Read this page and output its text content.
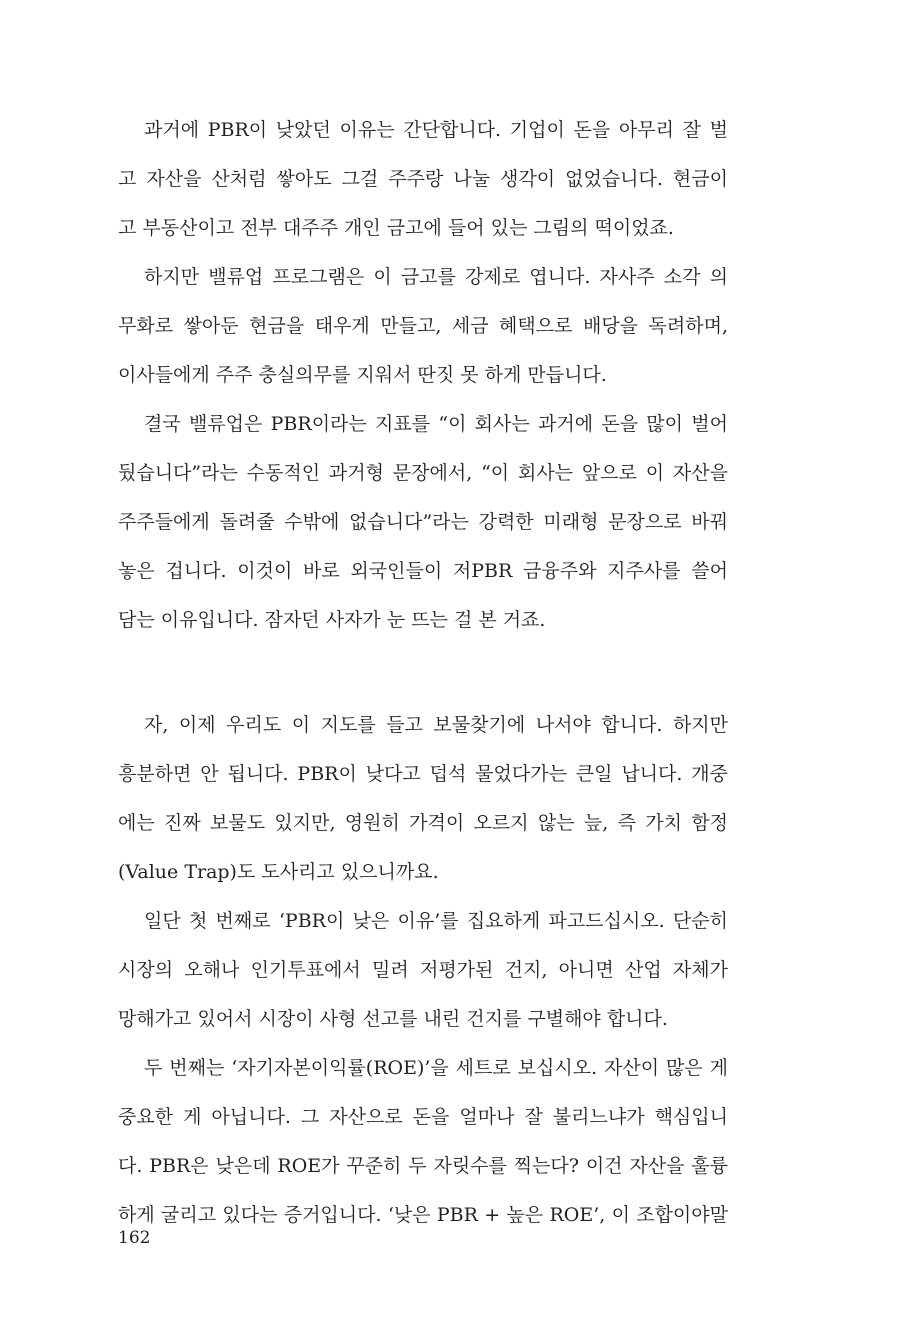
과거에 PBR이 낮았던 이유는 간단합니다. 기업이 돈을 아무리 잘 벌
고 자산을 산처럼 쌓아도 그걸 주주랑 나눌 생각이 없었습니다. 현금이
고 부동산이고 전부 대주주 개인 금고에 들어 있는 그림의 떡이었죠.
하지만 밸류업 프로그램은 이 금고를 강제로 엽니다. 자사주 소각 의
무화로 쌓아둔 현금을 태우게 만들고, 세금 혜택으로 배당을 독려하며,
이사들에게 주주 충실의무를 지워서 딴짓 못 하게 만듭니다.
결국 밸류업은 PBR이라는 지표를 “이 회사는 과거에 돈을 많이 벌어
뒀습니다”라는 수동적인 과거형 문장에서, “이 회사는 앞으로 이 자산을
주주들에게 돌려줄 수밖에 없습니다”라는 강력한 미래형 문장으로 바꿔
놓은 겁니다. 이것이 바로 외국인들이 저PBR 금융주와 지주사를 쓸어
담는 이유입니다. 잠자던 사자가 눈 뜨는 걸 본 거죠.
자, 이제 우리도 이 지도를 들고 보물찾기에 나서야 합니다. 하지만
흥분하면 안 됩니다. PBR이 낮다고 덥석 물었다가는 큰일 납니다. 개중
에는 진짜 보물도 있지만, 영원히 가격이 오르지 않는 늪, 즉 가치 함정
(Value Trap)도 도사리고 있으니까요.
일단 첫 번째로 ‘PBR이 낮은 이유’를 집요하게 파고드십시오. 단순히
시장의 오해나 인기투표에서 밀려 저평가된 건지, 아니면 산업 자체가
망해가고 있어서 시장이 사형 선고를 내린 건지를 구별해야 합니다.
두 번째는 ‘자기자본이익률(ROE)’을 세트로 보십시오. 자산이 많은 게
중요한 게 아닙니다. 그 자산으로 돈을 얼마나 잘 불리느냐가 핵심입니
다. PBR은 낮은데 ROE가 꾸준히 두 자릿수를 찍는다? 이건 자산을 훌륭
하게 굴리고 있다는 증거입니다. ‘낮은 PBR + 높은 ROE’, 이 조합이야말
162
